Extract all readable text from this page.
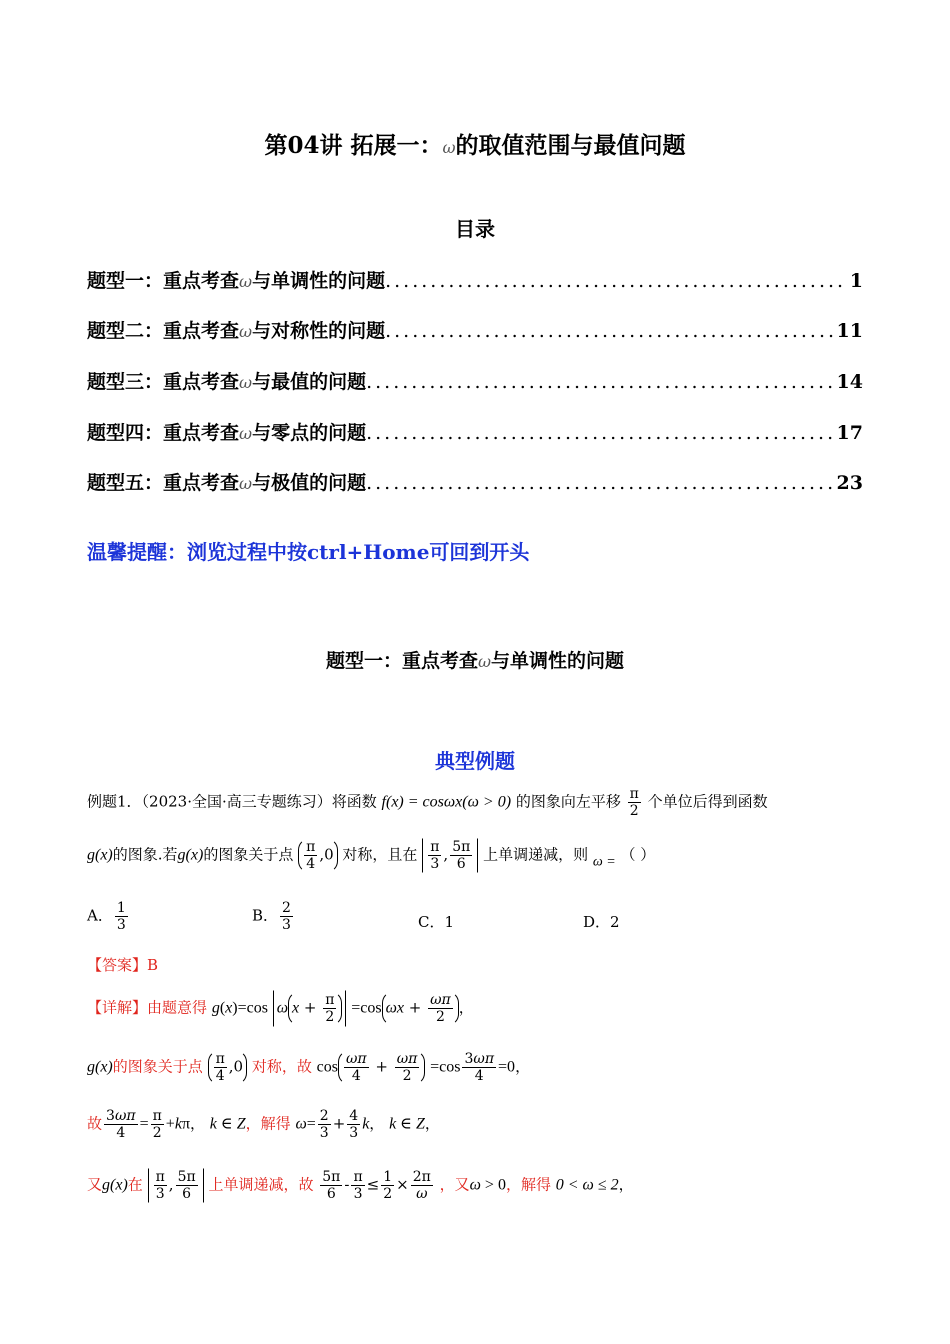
第04讲 拓展一：ω的取值范围与最值问题
目录
题型一：重点考查 ω 与单调性的问题 .....	1
题型二：重点考查 ω 与对称性的问题 .....	11
题型三：重点考查 ω 与最值的问题 .....	14
题型四：重点考查 ω 与零点的问题 .....	17
题型五：重点考查 ω 与极值的问题 .....	23
温馨提醒：浏览过程中按ctrl+Home可回到开头
题型一：重点考查ω与单调性的问题
典型例题
例题1．（2023·全国·高三专题练习）将函数 f(x) = cosωx(ω > 0) 的图象向左平移 $\frac{\pi}{2}$ 个单位后得到函数
g(x)的图象.若g(x)的图象关于点 $\frac{\pi}{4} ,0$ 对称，且在 $\frac{\pi}{3}$ , $\frac{5\pi}{6}$ 上单调递减，则 ω = （ ）
A． $\frac{1}{3}$	B． $\frac{2}{3}$	C．1	D．2
【答案】B
【详解】由题意得 g(x)=cos ω $x + \frac{\pi}{2} =\cos$ $\omega x + \frac{\omega\pi}{2}$ ，
g(x)的图象关于点 $\frac{\pi}{4} ,0$ 对称，故 $\cos \frac{\omega\pi}{4} + \frac{\omega\pi}{2} =\cos \frac{3\omega\pi}{4} =0$，
故 $\frac{3\omega\pi}{4} = \frac{\pi}{2} +k\pi$， k ∈ Z，解得 $\omega= \frac{2}{3} + \frac{4}{3}$ k， k ∈ Z，
又g(x)在 $\frac{\pi}{3}$ , $\frac{5\pi}{6}$ 上单调递减，故 $\frac{5\pi}{6} - \frac{\pi}{3} \le \frac{1}{2} \times \frac{2\pi}{\omega}$ ，又ω > 0，解得 0 < ω ≤ 2，
